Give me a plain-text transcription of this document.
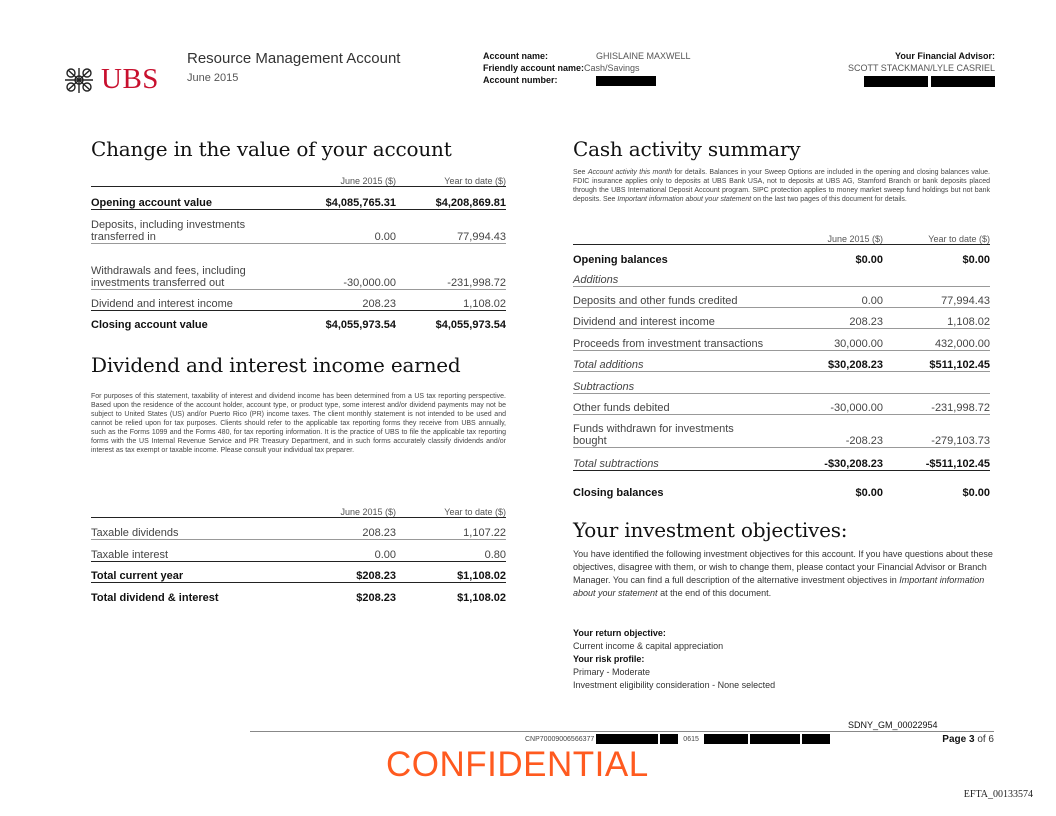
UBS
Resource Management Account
June 2015
Account name:	GHISLAINE MAXWELL
Friendly account name:Cash/Savings
Account number:
Your Financial Advisor:
SCOTT STACKMAN/LYLE CASRIEL

Change in the value of your account
	June 2015 ($)	Year to date ($)
Opening account value	$4,085,765.31	$4,208,869.81
Deposits, including investments transferred in	0.00	77,994.43
Withdrawals and fees, including investments transferred out	-30,000.00	-231,998.72
Dividend and interest income	208.23	1,108.02
Closing account value	$4,055,973.54	$4,055,973.54
Dividend and interest income earned
For purposes of this statement, taxability of interest and dividend income has been determined from a US tax reporting perspective. Based upon the residence of the account holder, account type, or product type, some interest and/or dividend payments may not be subject to United States (US) and/or Puerto Rico (PR) income taxes. The client monthly statement is not intended to be used and cannot be relied upon for tax purposes. Clients should refer to the applicable tax reporting forms they receive from UBS annually, such as the Forms 1099 and the Forms 480, for tax reporting information. It is the practice of UBS to file the applicable tax reporting forms with the US Internal Revenue Service and PR Treasury Department, and in such forms accurately classify dividends and/or interest as tax exempt or taxable income. Please consult your individual tax preparer.
	June 2015 ($)	Year to date ($)
Taxable dividends	208.23	1,107.22
Taxable interest	0.00	0.80
Total current year	$208.23	$1,108.02
Total dividend & interest	$208.23	$1,108.02
Cash activity summary
See Account activity this month for details. Balances in your Sweep Options are included in the opening and closing balances value. FDIC insurance applies only to deposits at UBS Bank USA, not to deposits at UBS AG, Stamford Branch or bank deposits placed through the UBS International Deposit Account program. SIPC protection applies to money market sweep fund holdings but not bank deposits. See Important information about your statement on the last two pages of this document for details.
	June 2015 ($)	Year to date ($)
Opening balances	$0.00	$0.00
Additions		
Deposits and other funds credited	0.00	77,994.43
Dividend and interest income	208.23	1,108.02
Proceeds from investment transactions	30,000.00	432,000.00
Total additions	$30,208.23	$511,102.45
Subtractions		
Other funds debited	-30,000.00	-231,998.72
Funds withdrawn for investments bought	-208.23	-279,103.73
Total subtractions	-$30,208.23	-$511,102.45
Closing balances	$0.00	$0.00
Your investment objectives:
You have identified the following investment objectives for this account. If you have questions about these objectives, disagree with them, or wish to change them, please contact your Financial Advisor or Branch Manager. You can find a full description of the alternative investment objectives in Important information about your statement at the end of this document.
Your return objective:
Current income & capital appreciation
Your risk profile:
Primary - Moderate
Investment eligibility consideration - None selected
SDNY_GM_00022954
CNP70009006566377	0615	Page 3 of 6
CONFIDENTIAL
EFTA_00133574
